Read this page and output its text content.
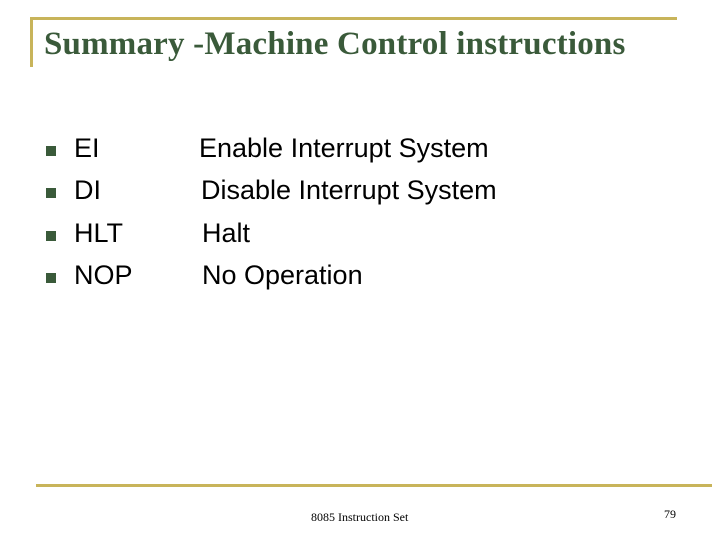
Summary -Machine Control instructions
EI	Enable Interrupt System
DI	Disable Interrupt System
HLT	Halt
NOP	No Operation
8085 Instruction Set	79
